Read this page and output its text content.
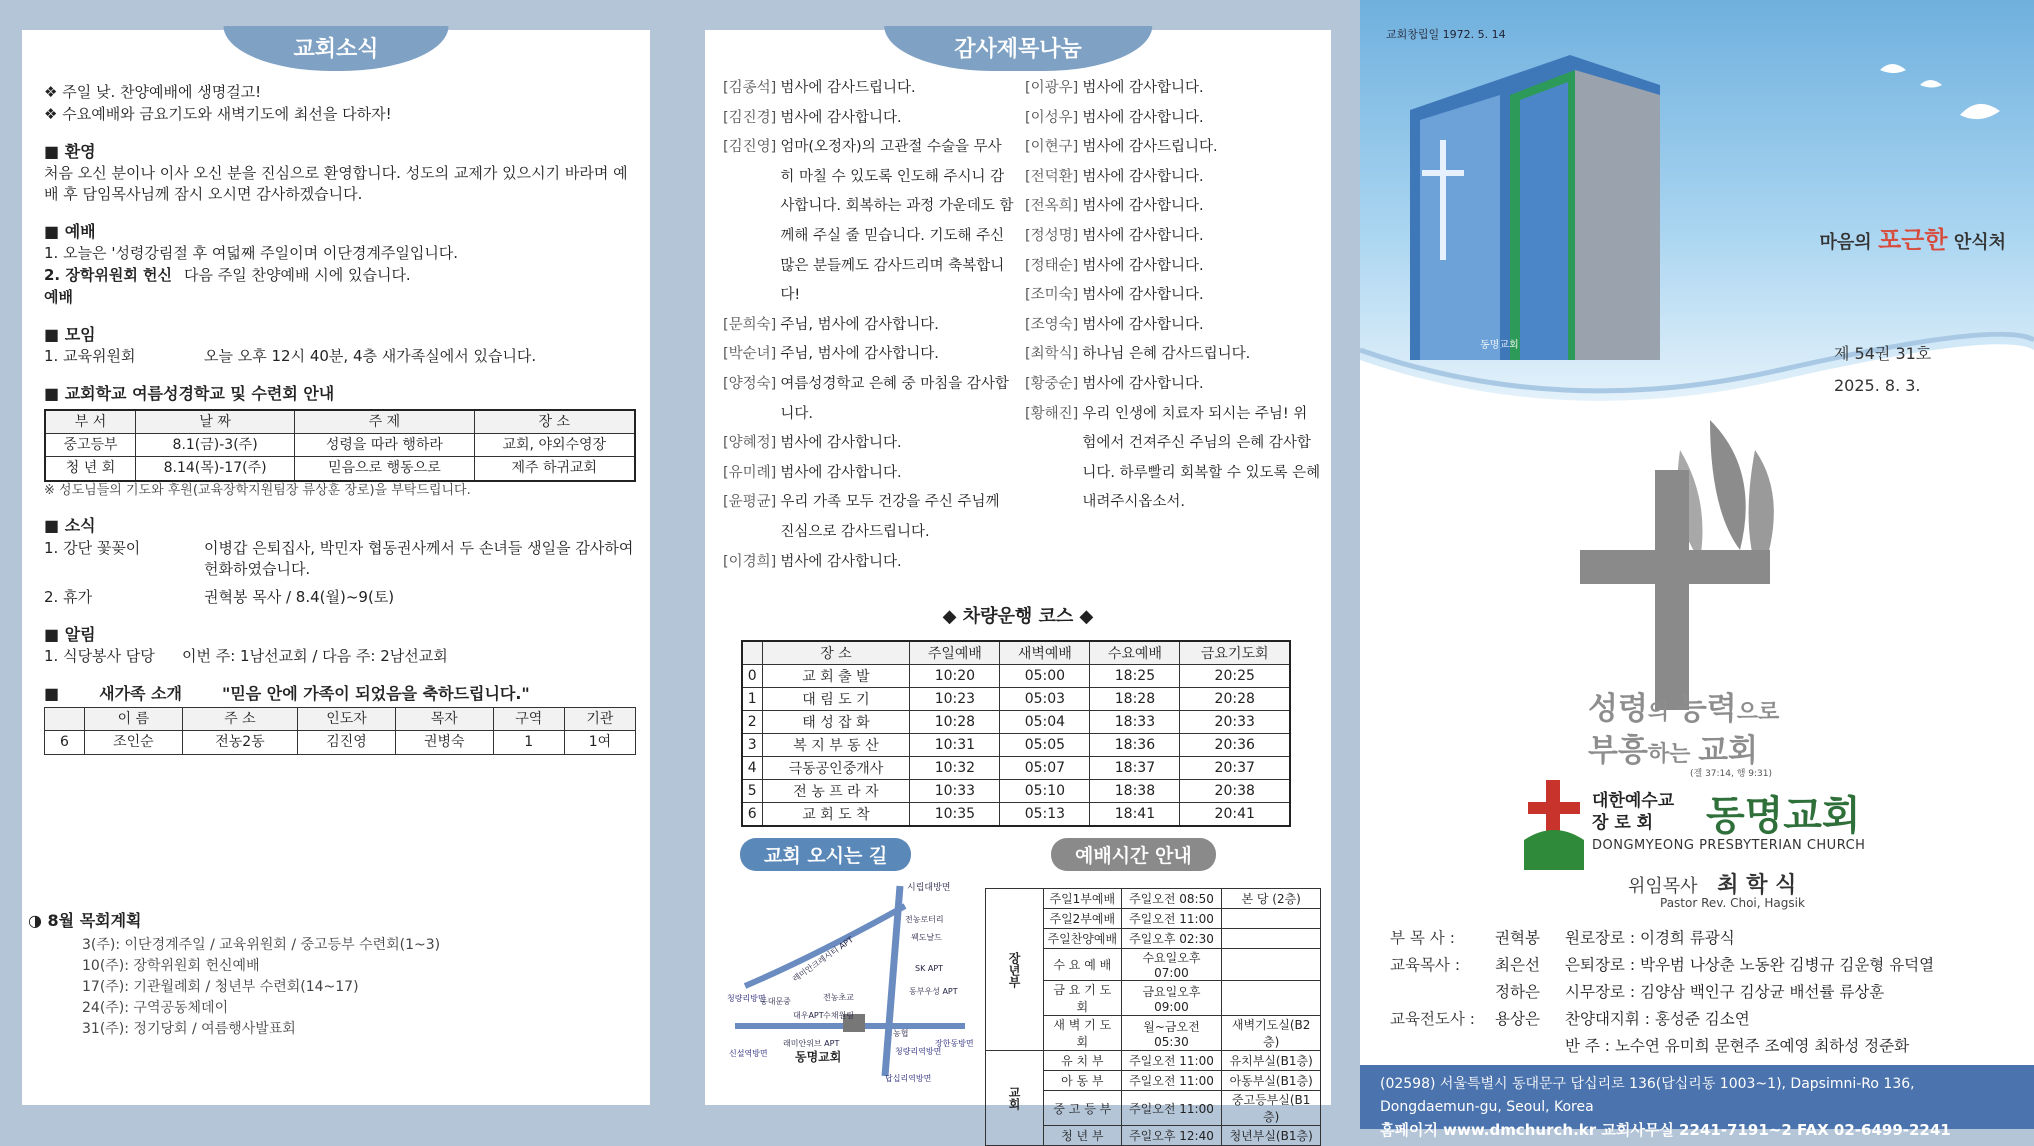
교회소식
❖ 주일 낮. 찬양예배에 생명걸고!
❖ 수요예배와 금요기도와 새벽기도에 최선을 다하자!
■ 환영
처음 오신 분이나 이사 오신 분을 진심으로 환영합니다. 성도의 교제가 있으시기 바라며 예배 후 담임목사님께 잠시 오시면 감사하겠습니다.
■ 예배
1. 오늘은 '성령강림절 후 여덟째 주일이며 이단경계주일입니다.
2. 장학위원회 헌신예배
다음 주일 찬양예배 시에 있습니다.
■ 모임
1. 교육위원회	오늘 오후 12시 40분, 4층 새가족실에서 있습니다.
■ 교회학교 여름성경학교 및 수련회 안내
부 서	날 짜	주 제	장 소
중고등부	8.1(금)-3(주)	성령을 따라 행하라	교회, 야외수영장
청 년 회	8.14(목)-17(주)	믿음으로 행동으로	제주 하귀교회
※ 성도님들의 기도와 후원(교육장학지원팀장 류상훈 장로)을 부탁드립니다.
■ 소식
1. 강단 꽃꽂이	이병갑 은퇴집사, 박민자 협동권사께서 두 손녀들 생일을 감사하여 헌화하였습니다.
2. 휴가	권혁봉 목사 / 8.4(월)~9(토)
■ 알림
1. 식당봉사 담당	이번 주: 1남선교회 / 다음 주: 2남선교회
■ 새가족 소개	"믿음 안에 가족이 되었음을 축하드립니다."
	이 름	주 소	인도자	목자	구역	기관
6	조인순	전농2동	김진영	권병숙	1	1여
◑ 8월 목회계획
3(주): 이단경계주일 / 교육위원회 / 중고등부 수련회(1~3)
10(주): 장학위원회 헌신예배
17(주): 기관월례회 / 청년부 수련회(14~17)
24(주): 구역공동체데이
31(주): 정기당회 / 여름행사발표회
감사제목나눔
[김종석] 범사에 감사드립니다.
[김진경] 범사에 감사합니다.
[김진영] 엄마(오정자)의 고관절 수술을 무사히 마칠 수 있도록 인도해 주시니 감사합니다. 회복하는 과정 가운데도 함께해 주실 줄 믿습니다. 기도해 주신 많은 분들께도 감사드리며 축복합니다!
[문희숙] 주님, 범사에 감사합니다.
[박순녀] 주님, 범사에 감사합니다.
[양정숙] 여름성경학교 은혜 중 마침을 감사합니다.
[양혜정] 범사에 감사합니다.
[유미례] 범사에 감사합니다.
[윤평균] 우리 가족 모두 건강을 주신 주님께 진심으로 감사드립니다.
[이경희] 범사에 감사합니다.
[이광우] 범사에 감사합니다.
[이성우] 범사에 감사합니다.
[이현구] 범사에 감사드립니다.
[전덕환] 범사에 감사합니다.
[전옥희] 범사에 감사합니다.
[정성명] 범사에 감사합니다.
[정태순] 범사에 감사합니다.
[조미숙] 범사에 감사합니다.
[조영숙] 범사에 감사합니다.
[최학식] 하나님 은혜 감사드립니다.
[황중순] 범사에 감사합니다.
[황해진] 우리 인생에 치료자 되시는 주님! 위험에서 건져주신 주님의 은혜 감사합니다. 하루빨리 회복할 수 있도록 은혜 내려주시옵소서.
◆ 차량운행 코스 ◆
	장 소	주일예배	새벽예배	수요예배	금요기도회
0	교 회 출 발	10:20	05:00	18:25	20:25
1	대 림 도 기	10:23	05:03	18:28	20:28
2	태 성 잡 화	10:28	05:04	18:33	20:33
3	복 지 부 동 산	10:31	05:05	18:36	20:36
4	극동공인중개사	10:32	05:07	18:37	20:37
5	전 농 프 라 자	10:33	05:10	18:38	20:38
6	교 회 도 착	10:35	05:13	18:41	20:41
교회 오시는 길	예배시간 안내
동명교회
시립대방면
전농로터리
웩도날드
레미안크레시티 APT	SK APT
청량리방면
동대문중	전농초교
동부우성 APT
대우APT 수채원림
래미안위브 APT
농협
청량리역방면
신설역방면
답십리역방면
장한동방면
장년부	주일1부예배	주일오전 08:50	본 당 (2층)
	주일2부예배	주일오전 11:00	
	주일찬양예배	주일오후 02:30	
	수 요 예 배	수요일오후 07:00	
	금 요 기 도 회	금요일오후 09:00	
	새 벽 기 도 회	월~금오전 05:30	새벽기도실(B2층)
교회	유 치 부	주일오전 11:00	유치부실(B1층)
	아 동 부	주일오전 11:00	아동부실(B1층)
	중 고 등 부	주일오전 11:00	중고등부실(B1층)
	청 년 부	주일오후 12:40	청년부실(B1층)
교회창립일 1972. 5. 14
동명교회
마음의 포근한 안식처
제 54권 31호
2025. 8. 3.
성령의 능력으로
부흥하는 교회
(겔 37:14, 행 9:31)
대한예수교
장 로 회	동명교회
DONGMYEONG PRESBYTERIAN CHURCH
위임목사 최 학 식
Pastor Rev. Choi, Hagsik
부 목 사 :	권혁봉
교육목사 :	최은선
정하은
교육전도사 :	용상은
원로장로 : 이경희 류광식
은퇴장로 : 박우범 나상춘 노동완 김병규 김운형 유덕열
시무장로 : 김양삼 백인구 김상균 배선률 류상훈
찬양대지휘 : 홍성준 김소연
반 주 : 노수연 유미희 문현주 조예영 최하성 정준화
(02598) 서울특별시 동대문구 답십리로 136(답십리동 1003~1), Dapsimni-Ro 136, Dongdaemun-gu, Seoul, Korea
홈페이지 www.dmchurch.kr 교회사무실 2241-7191~2 FAX 02-6499-2241
